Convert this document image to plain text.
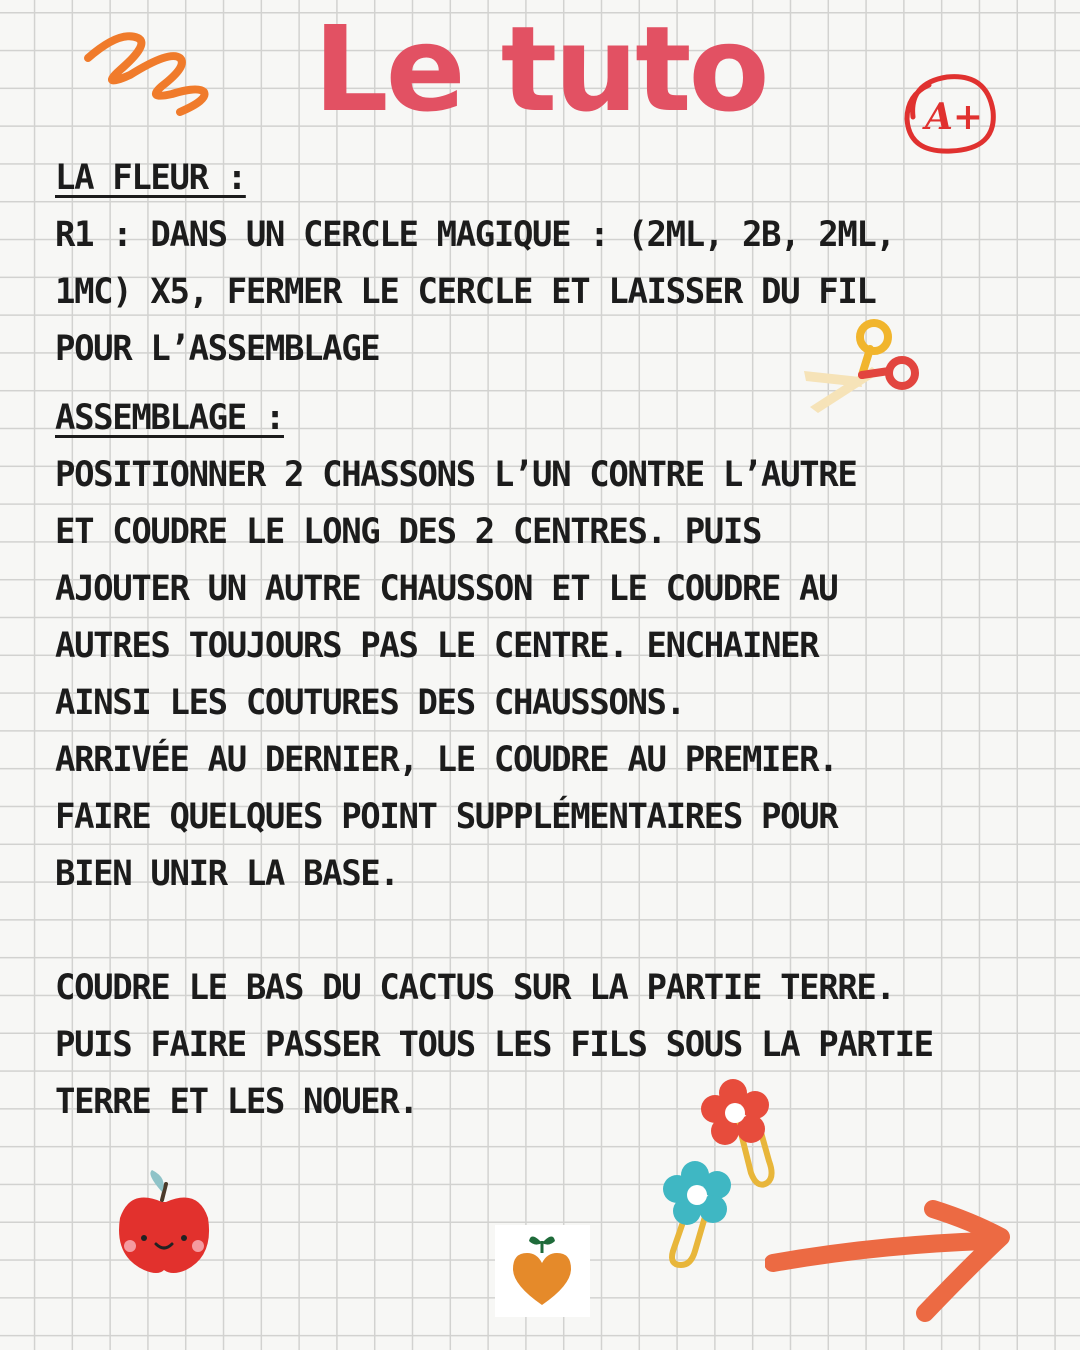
Le tuto

LA FLEUR :

R1 : DANS UN CERCLE MAGIQUE : (2ML, 2B, 2ML,

1MC) X5, FERMER LE CERCLE ET LAISSER DU FIL

POUR L’ASSEMBLAGE

ASSEMBLAGE :

POSITIONNER 2 CHASSONS L’UN CONTRE L’AUTRE

ET COUDRE LE LONG DES 2 CENTRES. PUIS

AJOUTER UN AUTRE CHAUSSON ET LE COUDRE AU

AUTRES TOUJOURS PAS LE CENTRE. ENCHAINER

AINSI LES COUTURES DES CHAUSSONS.

ARRIVÉE AU DERNIER, LE COUDRE AU PREMIER.

FAIRE QUELQUES POINT SUPPLÉMENTAIRES POUR

BIEN UNIR LA BASE.

COUDRE LE BAS DU CACTUS SUR LA PARTIE TERRE.

PUIS FAIRE PASSER TOUS LES FILS SOUS LA PARTIE

TERRE ET LES NOUER.

A+
